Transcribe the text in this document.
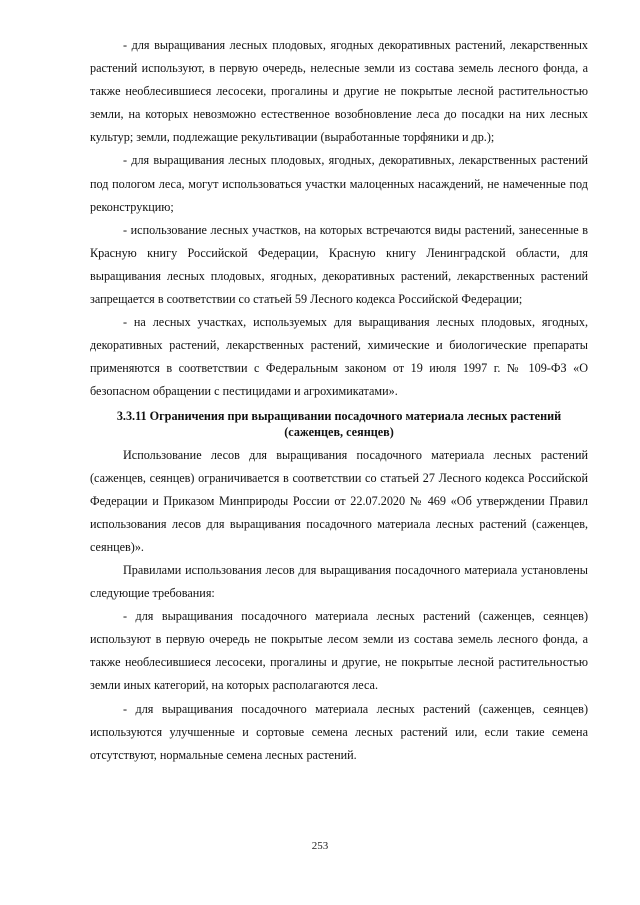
- для выращивания лесных плодовых, ягодных декоративных растений, лекарственных растений используют, в первую очередь, нелесные земли из состава земель лесного фонда, а также необлесившиеся лесосеки, прогалины и другие не покрытые лесной растительностью земли, на которых невозможно естественное возобновление леса до посадки на них лесных культур; земли, подлежащие рекультивации (выработанные торфяники и др.);

- для выращивания лесных плодовых, ягодных, декоративных, лекарственных растений под пологом леса, могут использоваться участки малоценных насаждений, не намеченные под реконструкцию;

- использование лесных участков, на которых встречаются виды растений, занесенные в Красную книгу Российской Федерации, Красную книгу Ленинградской области, для выращивания лесных плодовых, ягодных, декоративных растений, лекарственных растений запрещается в соответствии со статьей 59 Лесного кодекса Российской Федерации;

- на лесных участках, используемых для выращивания лесных плодовых, ягодных, декоративных растений, лекарственных растений, химические и биологические препараты применяются в соответствии с Федеральным законом от 19 июля 1997 г. № 109-ФЗ «О безопасном обращении с пестицидами и агрохимикатами».

3.3.11 Ограничения при выращивании посадочного материала лесных растений
(саженцев, сеянцев)

Использование лесов для выращивания посадочного материала лесных растений (саженцев, сеянцев) ограничивается в соответствии со статьей 27 Лесного кодекса Российской Федерации и Приказом Минприроды России от 22.07.2020 № 469 «Об утверждении Правил использования лесов для выращивания посадочного материала лесных растений (саженцев, сеянцев)».

Правилами использования лесов для выращивания посадочного материала установлены следующие требования:

- для выращивания посадочного материала лесных растений (саженцев, сеянцев) используют в первую очередь не покрытые лесом земли из состава земель лесного фонда, а также необлесившиеся лесосеки, прогалины и другие, не покрытые лесной растительностью земли иных категорий, на которых располагаются леса.

- для выращивания посадочного материала лесных растений (саженцев, сеянцев) используются улучшенные и сортовые семена лесных растений или, если такие семена отсутствуют, нормальные семена лесных растений.

253
